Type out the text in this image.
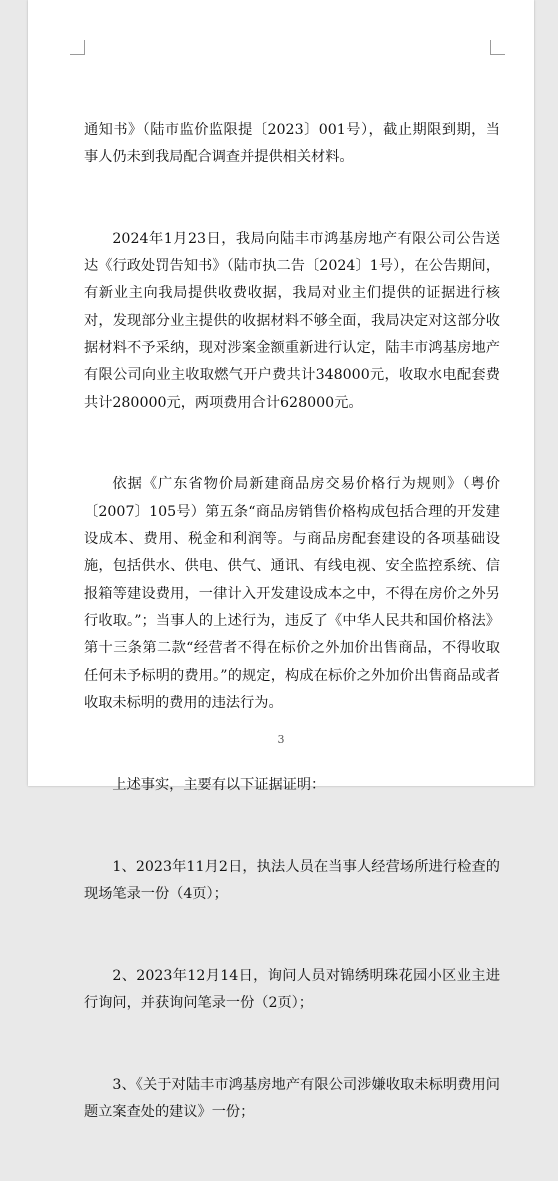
通知书》（陆市监价监限提〔2023〕001号），截止期限到期，当事人仍未到我局配合调查并提供相关材料。

2024年1月23日，我局向陆丰市鸿基房地产有限公司公告送达《行政处罚告知书》（陆市执二告〔2024〕1号），在公告期间，有新业主向我局提供收费收据，我局对业主们提供的证据进行核对，发现部分业主提供的收据材料不够全面，我局决定对这部分收据材料不予采纳，现对涉案金额重新进行认定，陆丰市鸿基房地产有限公司向业主收取燃气开户费共计348000元，收取水电配套费共计280000元，两项费用合计628000元。

依据《广东省物价局新建商品房交易价格行为规则》（粤价〔2007〕105号）第五条“商品房销售价格构成包括合理的开发建设成本、费用、税金和利润等。与商品房配套建设的各项基础设施，包括供水、供电、供气、通讯、有线电视、安全监控系统、信报箱等建设费用，一律计入开发建设成本之中，不得在房价之外另行收取。”；当事人的上述行为，违反了《中华人民共和国价格法》第十三条第二款“经营者不得在标价之外加价出售商品，不得收取任何未予标明的费用。”的规定，构成在标价之外加价出售商品或者收取未标明的费用的违法行为。

上述事实，主要有以下证据证明：

1、2023年11月2日，执法人员在当事人经营场所进行检查的现场笔录一份（4页）；

2、2023年12月14日，询问人员对锦绣明珠花园小区业主进行询问，并获询问笔录一份（2页）；

3、《关于对陆丰市鸿基房地产有限公司涉嫌收取未标明费用问题立案查处的建议》一份；

3
